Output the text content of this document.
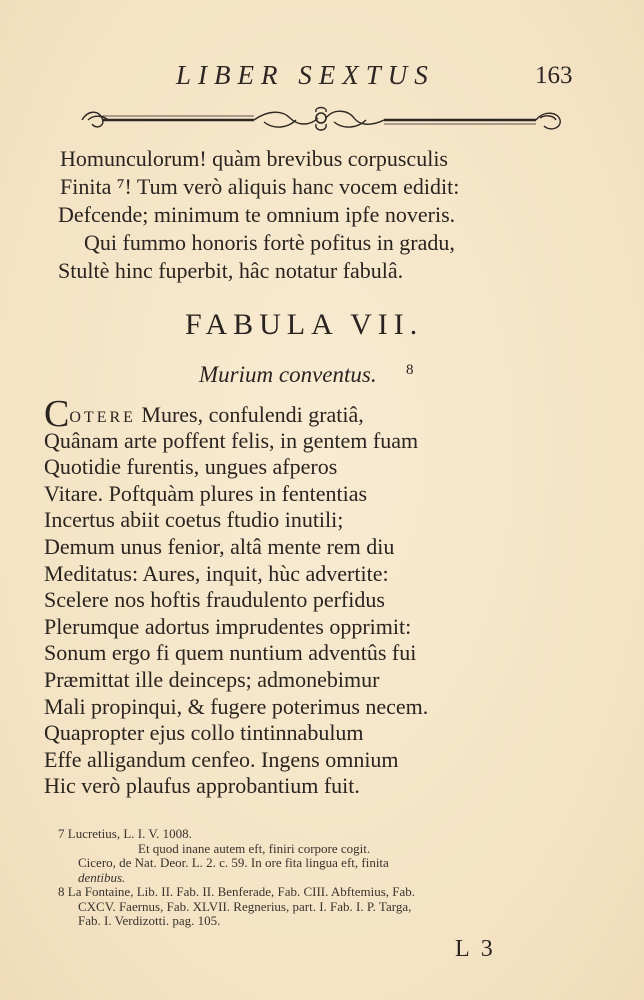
LIBER SEXTUS	163
Homunculorum! quàm brevibus corpusculis
Finita ⁷! Tum verò aliquis hanc vocem edidit:
Defcende; minimum te omnium ipfe noveris.
Qui fummo honoris fortè pofitus in gradu,
Stultè hinc fuperbit, hâc notatur fabulâ.
FABULA VII.
Murium conventus. 8
COTERE Mures, confulendi gratiâ,
Quânam arte poffent felis, in gentem fuam
Quotidie furentis, ungues afperos
Vitare. Poftquàm plures in fententias
Incertus abiit coetus ftudio inutili;
Demum unus fenior, altâ mente rem diu
Meditatus: Aures, inquit, hùc advertite:
Scelere nos hoftis fraudulento perfidus
Plerumque adortus imprudentes opprimit:
Sonum ergo fi quem nuntium adventûs fui
Præmittat ille deinceps; admonebimur
Mali propinqui, & fugere poterimus necem.
Quapropter ejus collo tintinnabulum
Effe alligandum cenfeo. Ingens omnium
Hic verò plaufus approbantium fuit.
7 Lucretius, L. I. V. 1008.
Et quod inane autem eft, finiri corpore cogit.
Cicero, de Nat. Deor. L. 2. c. 59. In ore fita lingua eft, finita
dentibus.
8 La Fontaine, Lib. II. Fab. II. Benferade, Fab. CIII. Abftemius, Fab.
CXCV. Faernus, Fab. XLVII. Regnerius, part. I. Fab. I. P. Targa,
Fab. I. Verdizotti. pag. 105.
L 3
